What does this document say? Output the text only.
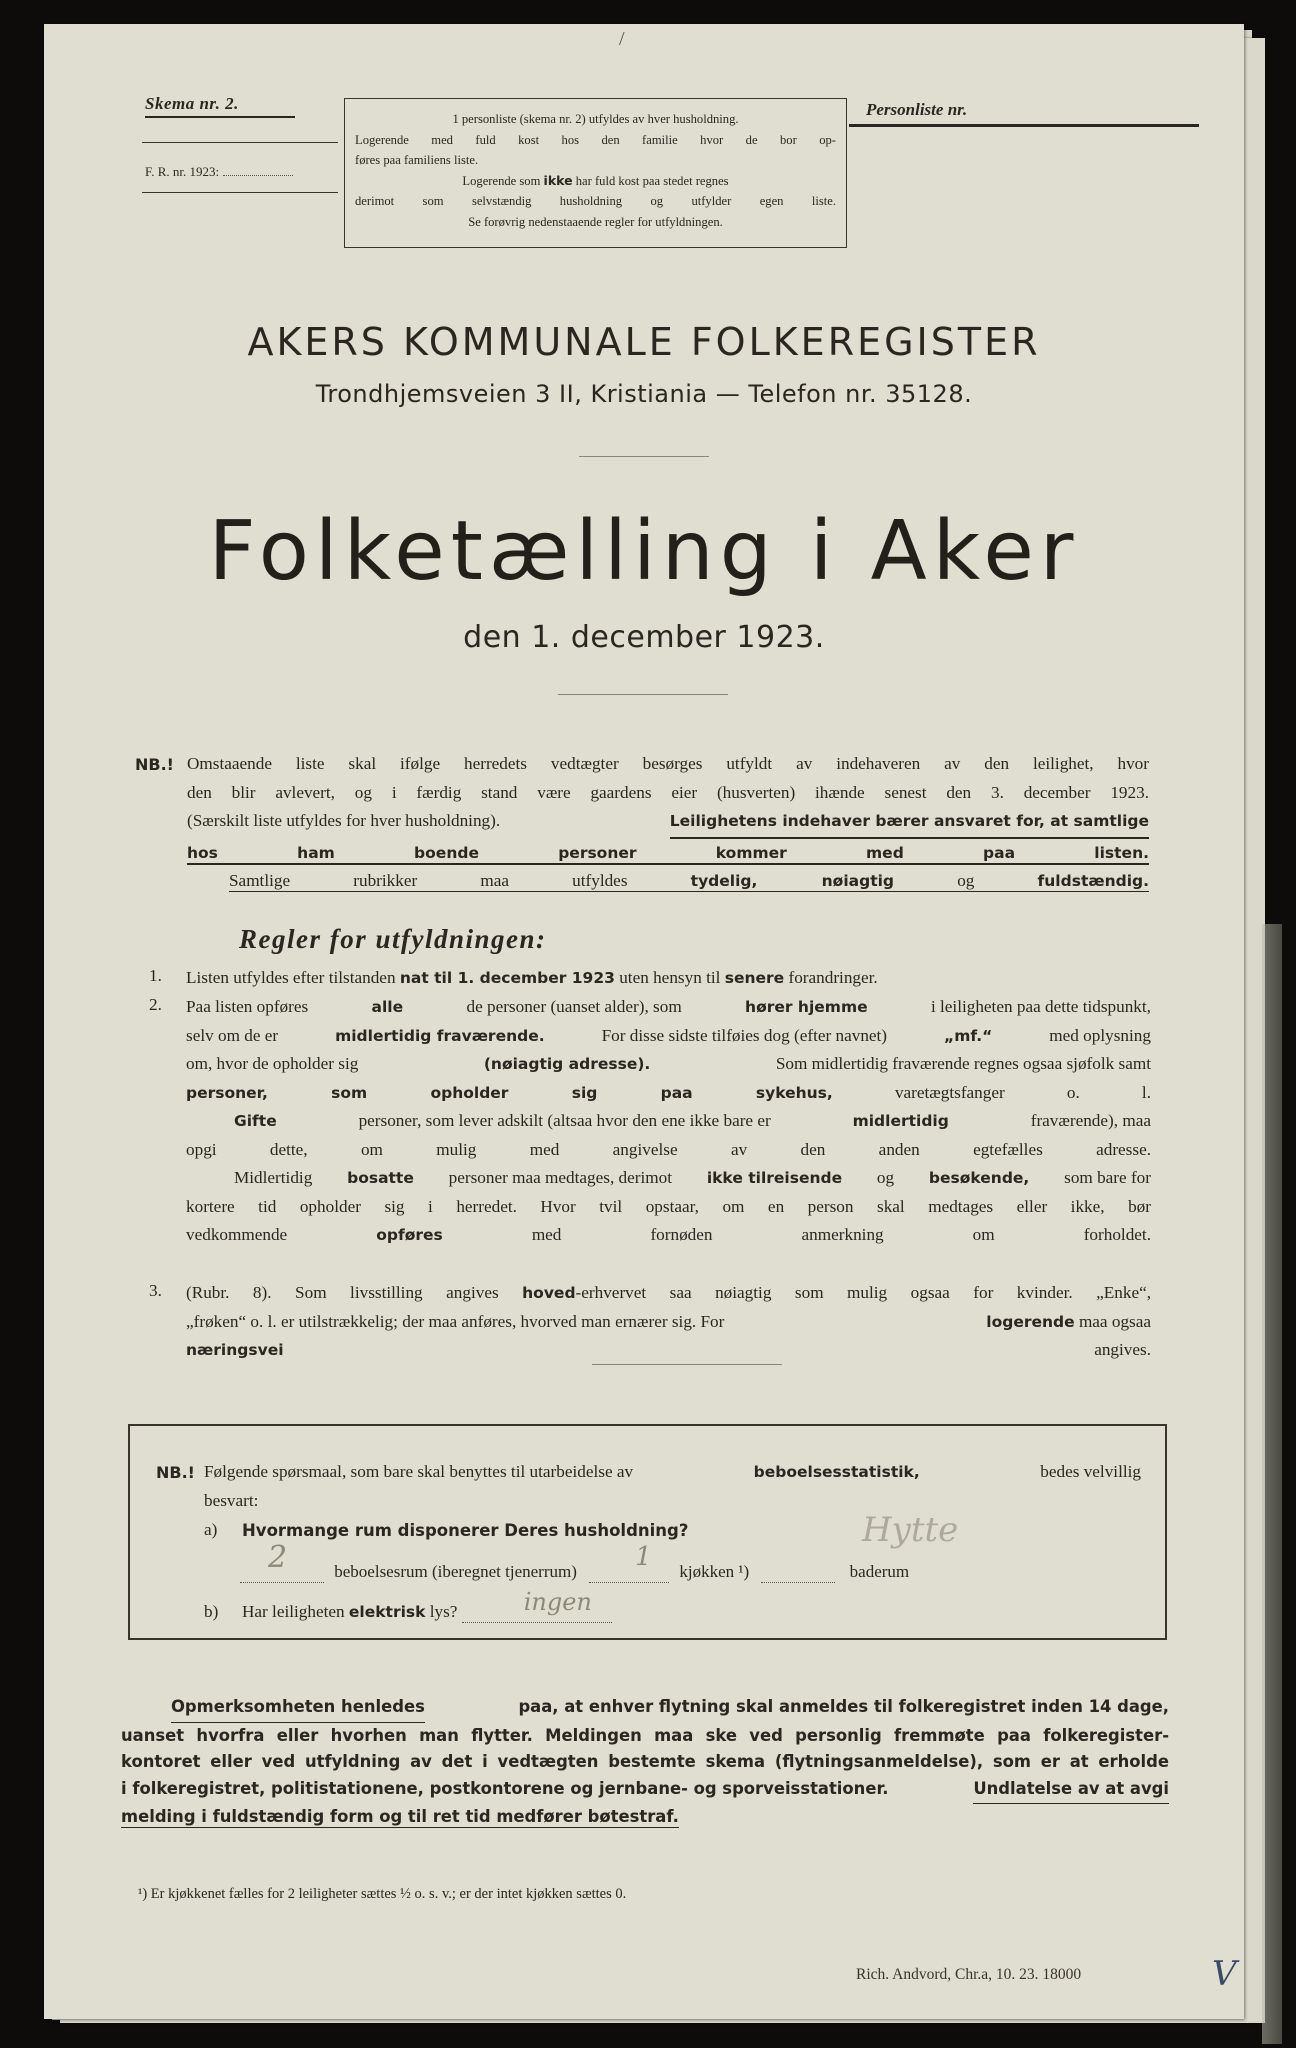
/
Skema nr. 2.
F. R. nr. 1923:

1 personliste (skema nr. 2) utfyldes av hver husholdning.

Logerende med fuld kost hos den familie hvor de bor op-

føres paa familiens liste.

Logerende som ikke har fuld kost paa stedet regnes

derimot som selvstændig husholdning og utfylder egen liste.

Se forøvrig nedenstaaende regler for utfyldningen.

Personliste nr.
AKERS KOMMUNALE FOLKEREGISTER
Trondhjemsveien 3 II, Kristiania — Telefon nr. 35128.
Folketælling i Aker
den 1. december 1923.
NB.! Omstaaende liste skal ifølge herredets vedtægter besørges utfyldt av indehaveren av den leilighet, hvor
den blir avlevert, og i færdig stand være gaardens eier (husverten) ihænde senest den 3. december 1923.
(Særskilt liste utfyldes for hver husholdning).	Leilighetens indehaver bærer ansvaret for, at samtlige
hos ham boende personer kommer med paa listen.
Samtlige rubrikker maa utfyldes	tydelig, nøiagtig	og	fuldstændig.
Regler for utfyldningen:
1. Listen utfyldes efter tilstanden nat til 1. december 1923 uten hensyn til senere forandringer.
2. Paa listen opføres	alle	de personer (uanset alder), som	hører hjemme	i leiligheten paa dette tidspunkt,
selv om de er	midlertidig fraværende.	For disse sidste tilføies dog (efter navnet)	„mf.“	med oplysning
om, hvor de opholder sig	(nøiagtig adresse).	Som midlertidig fraværende regnes ogsaa sjøfolk samt
personer, som opholder sig paa sykehus,	varetægtsfanger o. l.
Gifte	personer, som lever adskilt (altsaa hvor den ene ikke bare er	midlertidig	fraværende), maa
opgi dette, om mulig med angivelse av den anden egtefælles adresse.
Midlertidig bosatte personer maa medtages, derimot ikke tilreisende og besøkende, som bare for
kortere tid opholder sig i herredet. Hvor tvil opstaar, om en person skal medtages eller ikke, bør
vedkommende	opføres	med fornøden anmerkning om forholdet.
3. (Rubr. 8). Som livsstilling angives hoved-erhvervet saa nøiagtig som mulig ogsaa for kvinder. „Enke“,
„frøken“ o. l. er utilstrækkelig; der maa anføres, hvorved man ernærer sig. For	logerende maa ogsaa
næringsvei	angives.
NB.! Følgende spørsmaal, som bare skal benyttes til utarbeidelse av	beboelsesstatistik,	bedes velvillig
besvart:
a) Hvormange rum disponerer Deres husholdning?	Hytte
2	beboelsesrum (iberegnet tjenerrum) 1 kjøkken ¹)	baderum
b) Har leiligheten elektrisk lys?	ingen

Opmerksomheten henledes	paa, at enhver flytning skal anmeldes til folkeregistret inden 14 dage,
uanset hvorfra eller hvorhen man flytter. Meldingen maa ske ved personlig fremmøte paa folkeregister-
kontoret eller ved utfyldning av det i vedtægten bestemte skema (flytningsanmeldelse), som er at erholde
i folkeregistret, politistationene, postkontorene og jernbane- og sporveisstationer.	Undlatelse av at avgi
melding i fuldstændig form og til ret tid medfører bøtestraf.
¹) Er kjøkkenet fælles for 2 leiligheter sættes ½ o. s. v.; er der intet kjøkken sættes 0.
Rich. Andvord, Chr.a, 10. 23. 18000	V
